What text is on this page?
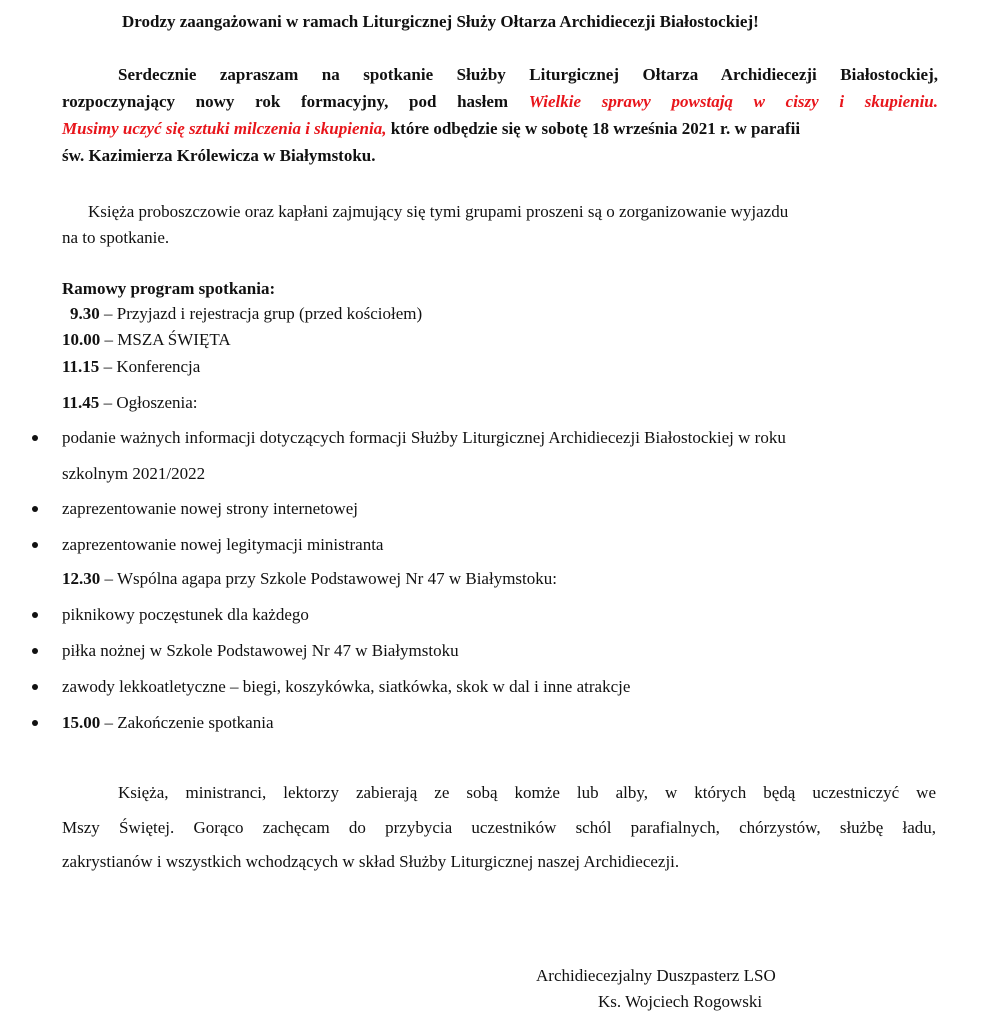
Drodzy zaangażowani w ramach Liturgicznej Służy Ołtarza Archidiecezji Białostockiej!
Serdecznie zapraszam na spotkanie Służby Liturgicznej Ołtarza Archidiecezji Białostockiej,
rozpoczynający nowy rok formacyjny, pod hasłem Wielkie sprawy powstają w ciszy i skupieniu.
Musimy uczyć się sztuki milczenia i skupienia, które odbędzie się w sobotę 18 września 2021 r. w parafii
św. Kazimierza Królewicza w Białymstoku.
Księża proboszczowie oraz kapłani zajmujący się tymi grupami proszeni są o zorganizowanie wyjazdu
na to spotkanie.
Ramowy program spotkania:
9.30 – Przyjazd i rejestracja grup (przed kościołem)
10.00 – MSZA ŚWIĘTA
11.15 – Konferencja
11.45 – Ogłoszenia:
podanie ważnych informacji dotyczących formacji Służby Liturgicznej Archidiecezji Białostockiej w roku
szkolnym 2021/2022
zaprezentowanie nowej strony internetowej
zaprezentowanie nowej legitymacji ministranta
12.30 – Wspólna agapa przy Szkole Podstawowej Nr 47 w Białymstoku:
piknikowy poczęstunek dla każdego
piłka nożnej w Szkole Podstawowej Nr 47 w Białymstoku
zawody lekkoatletyczne – biegi, koszykówka, siatkówka, skok w dal i inne atrakcje
15.00 – Zakończenie spotkania
Księża, ministranci, lektorzy zabierają ze sobą komże lub alby, w których będą uczestniczyć we
Mszy Świętej. Gorąco zachęcam do przybycia uczestników schól parafialnych, chórzystów, służbę ładu,
zakrystianów i wszystkich wchodzących w skład Służby Liturgicznej naszej Archidiecezji.
Archidiecezjalny Duszpasterz LSO
Ks. Wojciech Rogowski
